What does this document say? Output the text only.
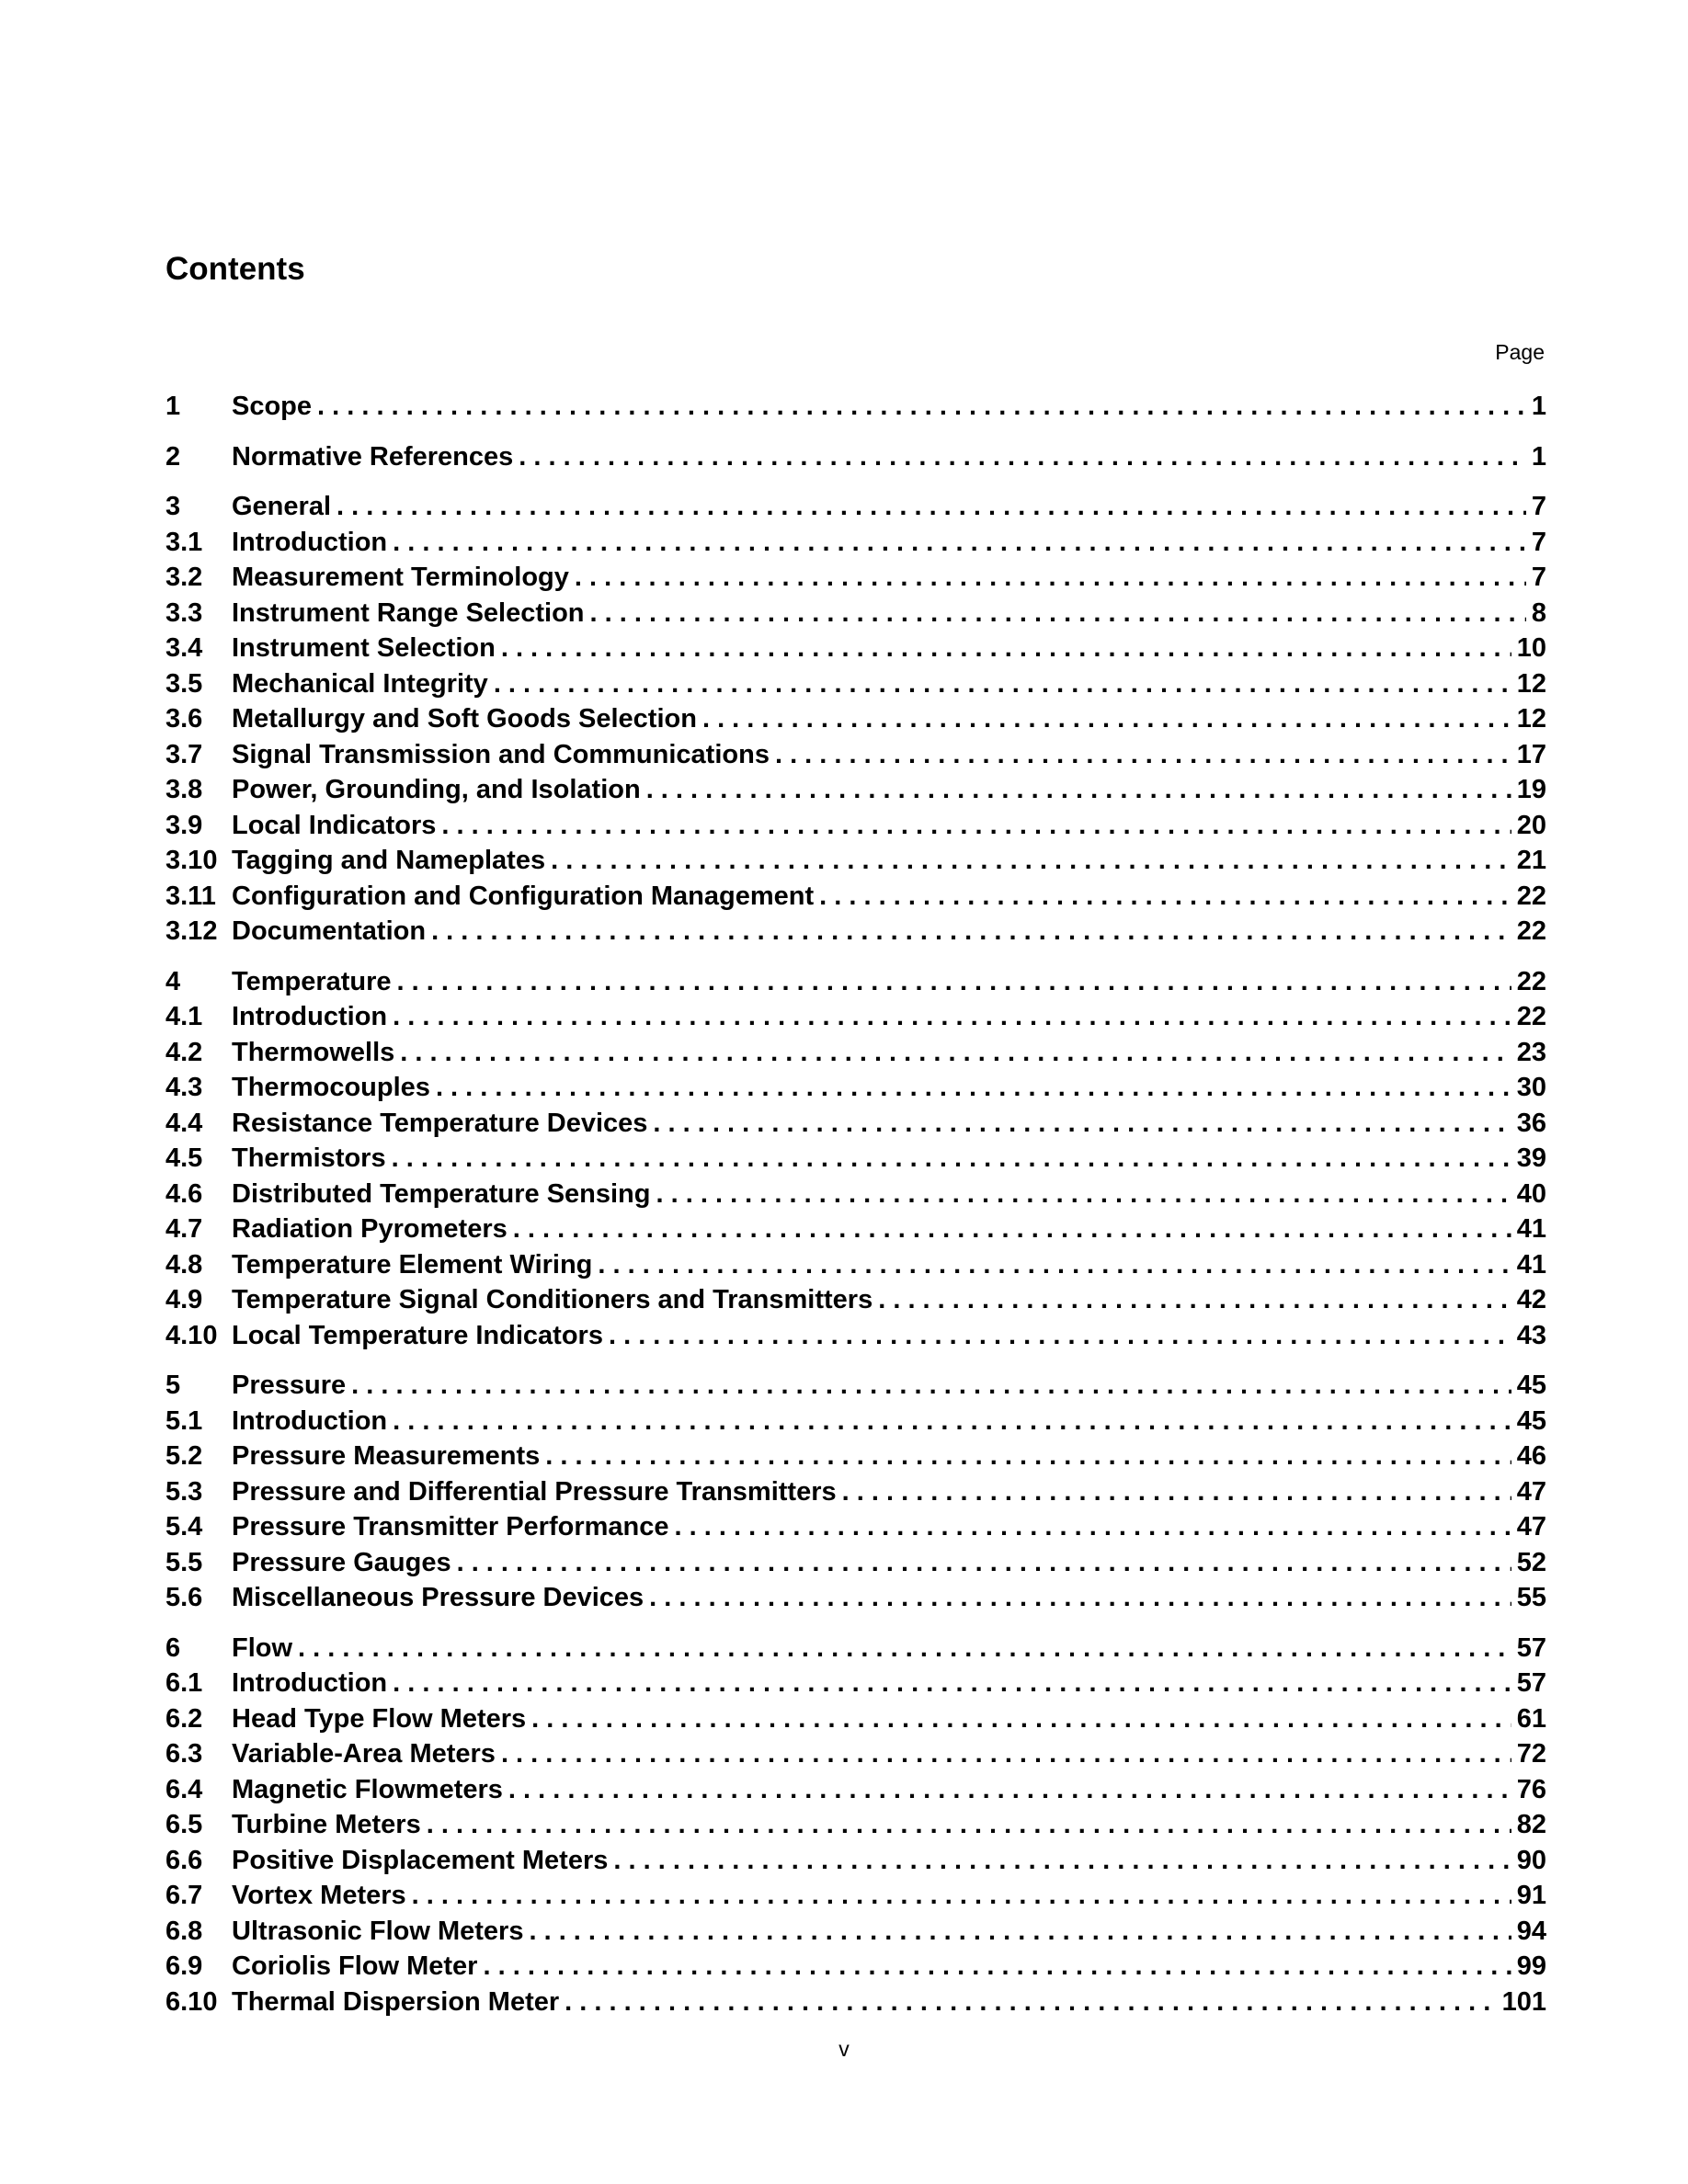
Contents
Page
1	Scope . . .	1
2	Normative References . . .	1
3	General . . .	7
3.1	Introduction . . .	7
3.2	Measurement Terminology . . .	7
3.3	Instrument Range Selection . . .	8
3.4	Instrument Selection . . .	10
3.5	Mechanical Integrity . . .	12
3.6	Metallurgy and Soft Goods Selection . . .	12
3.7	Signal Transmission and Communications . . .	17
3.8	Power, Grounding, and Isolation . . .	19
3.9	Local Indicators . . .	20
3.10 Tagging and Nameplates . . .	21
3.11 Configuration and Configuration Management . . .	22
3.12 Documentation . . .	22
4	Temperature . . .	22
4.1	Introduction . . .	22
4.2	Thermowells . . .	23
4.3	Thermocouples . . .	30
4.4	Resistance Temperature Devices . . .	36
4.5	Thermistors . . .	39
4.6	Distributed Temperature Sensing . . .	40
4.7	Radiation Pyrometers . . .	41
4.8	Temperature Element Wiring . . .	41
4.9	Temperature Signal Conditioners and Transmitters . . .	42
4.10 Local Temperature Indicators . . .	43
5	Pressure . . .	45
5.1	Introduction . . .	45
5.2	Pressure Measurements . . .	46
5.3	Pressure and Differential Pressure Transmitters . . .	47
5.4	Pressure Transmitter Performance . . .	47
5.5	Pressure Gauges . . .	52
5.6	Miscellaneous Pressure Devices . . .	55
6	Flow . . .	57
6.1	Introduction . . .	57
6.2	Head Type Flow Meters . . .	61
6.3	Variable-Area Meters . . .	72
6.4	Magnetic Flowmeters . . .	76
6.5	Turbine Meters . . .	82
6.6	Positive Displacement Meters . . .	90
6.7	Vortex Meters . . .	91
6.8	Ultrasonic Flow Meters . . .	94
6.9	Coriolis Flow Meter . . .	99
6.10 Thermal Dispersion Meter . . .	101
v
